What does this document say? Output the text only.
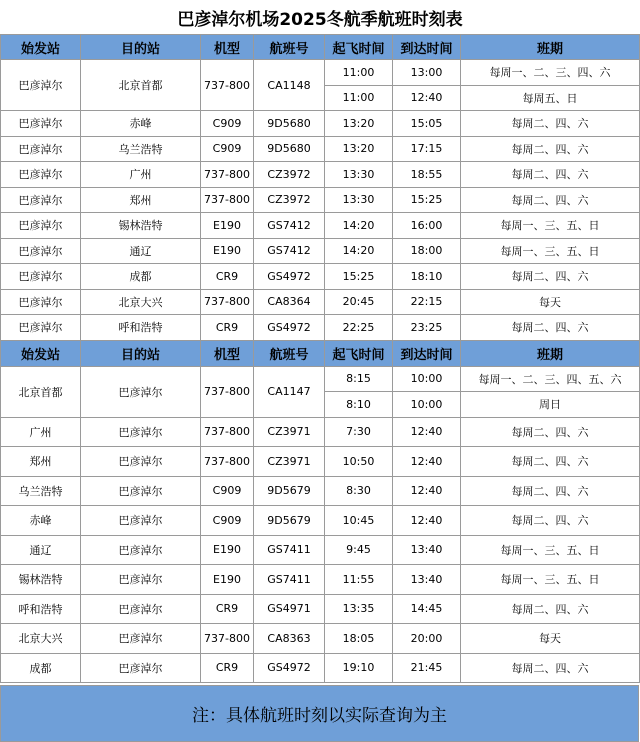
巴彦淖尔机场2025冬航季航班时刻表
始发站	目的站	机型	航班号	起飞时间	到达时间	班期
巴彦淖尔	北京首都	737-800	CA1148	11:00	13:00	每周一、二、三、四、六
				11:00	12:40	每周五、日
巴彦淖尔	赤峰	C909	9D5680	13:20	15:05	每周二、四、六
巴彦淖尔	乌兰浩特	C909	9D5680	13:20	17:15	每周二、四、六
巴彦淖尔	广州	737-800	CZ3972	13:30	18:55	每周二、四、六
巴彦淖尔	郑州	737-800	CZ3972	13:30	15:25	每周二、四、六
巴彦淖尔	锡林浩特	E190	GS7412	14:20	16:00	每周一、三、五、日
巴彦淖尔	通辽	E190	GS7412	14:20	18:00	每周一、三、五、日
巴彦淖尔	成都	CR9	GS4972	15:25	18:10	每周二、四、六
巴彦淖尔	北京大兴	737-800	CA8364	20:45	22:15	每天
巴彦淖尔	呼和浩特	CR9	GS4972	22:25	23:25	每周二、四、六
始发站	目的站	机型	航班号	起飞时间	到达时间	班期
北京首都	巴彦淖尔	737-800	CA1147	8:15	10:00	每周一、二、三、四、五、六
				8:10	10:00	周日
广州	巴彦淖尔	737-800	CZ3971	7:30	12:40	每周二、四、六
郑州	巴彦淖尔	737-800	CZ3971	10:50	12:40	每周二、四、六
乌兰浩特	巴彦淖尔	C909	9D5679	8:30	12:40	每周二、四、六
赤峰	巴彦淖尔	C909	9D5679	10:45	12:40	每周二、四、六
通辽	巴彦淖尔	E190	GS7411	9:45	13:40	每周一、三、五、日
锡林浩特	巴彦淖尔	E190	GS7411	11:55	13:40	每周一、三、五、日
呼和浩特	巴彦淖尔	CR9	GS4971	13:35	14:45	每周二、四、六
北京大兴	巴彦淖尔	737-800	CA8363	18:05	20:00	每天
成都	巴彦淖尔	CR9	GS4972	19:10	21:45	每周二、四、六
注：具体航班时刻以实际查询为主
